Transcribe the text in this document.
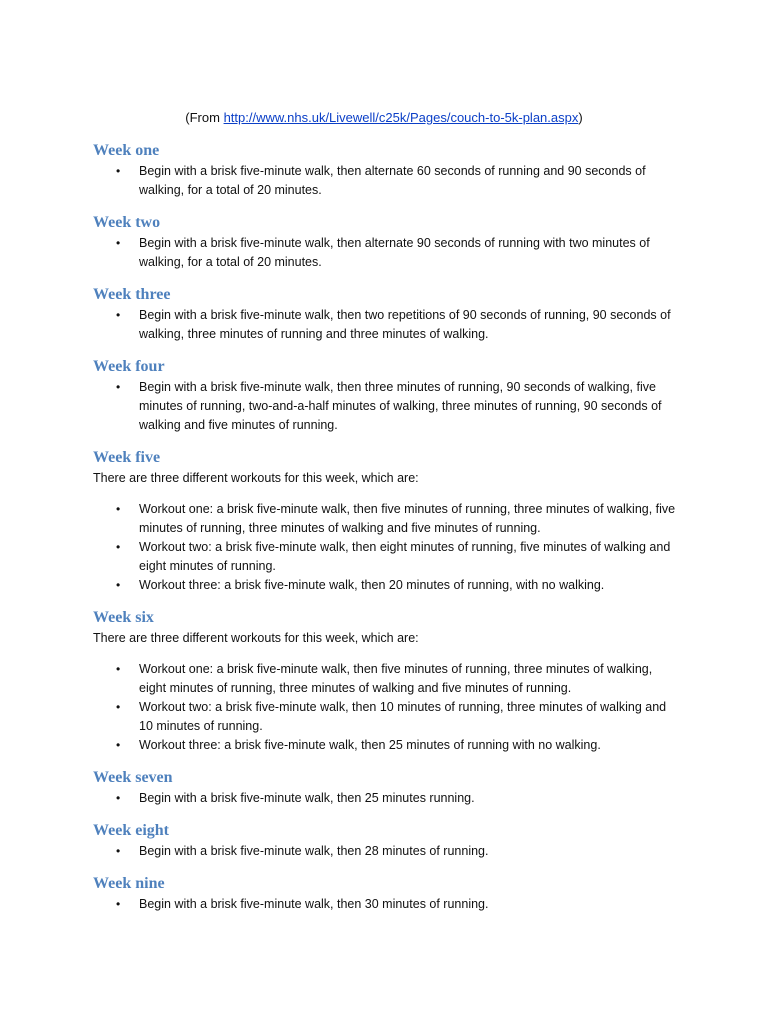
(From http://www.nhs.uk/Livewell/c25k/Pages/couch-to-5k-plan.aspx)
Week one
• Begin with a brisk five-minute walk, then alternate 60 seconds of running and 90 seconds of walking, for a total of 20 minutes.
Week two
• Begin with a brisk five-minute walk, then alternate 90 seconds of running with two minutes of walking, for a total of 20 minutes.
Week three
• Begin with a brisk five-minute walk, then two repetitions of 90 seconds of running, 90 seconds of walking, three minutes of running and three minutes of walking.
Week four
• Begin with a brisk five-minute walk, then three minutes of running, 90 seconds of walking, five minutes of running, two-and-a-half minutes of walking, three minutes of running, 90 seconds of walking and five minutes of running.
Week five
There are three different workouts for this week, which are:
• Workout one: a brisk five-minute walk, then five minutes of running, three minutes of walking, five minutes of running, three minutes of walking and five minutes of running.
• Workout two: a brisk five-minute walk, then eight minutes of running, five minutes of walking and eight minutes of running.
• Workout three: a brisk five-minute walk, then 20 minutes of running, with no walking.
Week six
There are three different workouts for this week, which are:
• Workout one: a brisk five-minute walk, then five minutes of running, three minutes of walking, eight minutes of running, three minutes of walking and five minutes of running.
• Workout two: a brisk five-minute walk, then 10 minutes of running, three minutes of walking and 10 minutes of running.
• Workout three: a brisk five-minute walk, then 25 minutes of running with no walking.
Week seven
• Begin with a brisk five-minute walk, then 25 minutes running.
Week eight
• Begin with a brisk five-minute walk, then 28 minutes of running.
Week nine
• Begin with a brisk five-minute walk, then 30 minutes of running.
